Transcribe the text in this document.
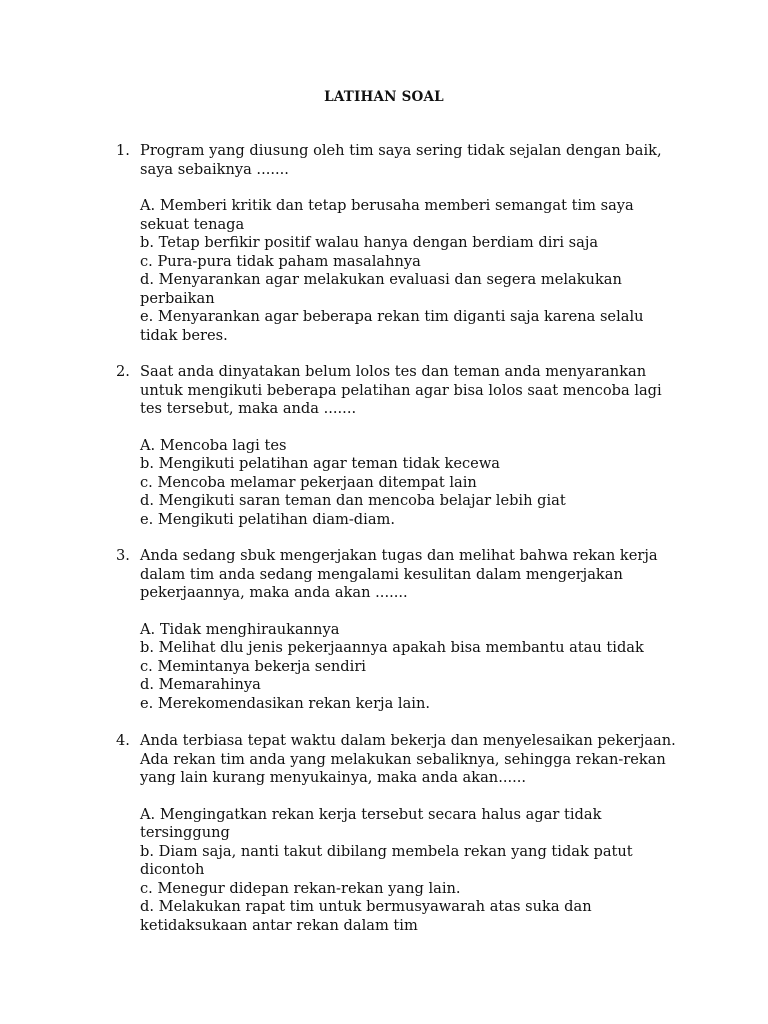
LATIHAN SOAL
1. Program yang diusung oleh tim saya sering tidak sejalan dengan baik, saya sebaiknya .......
A. Memberi kritik dan tetap berusaha memberi semangat tim saya sekuat tenaga
b. Tetap berfikir positif walau hanya dengan berdiam diri saja
c. Pura-pura tidak paham masalahnya
d. Menyarankan agar melakukan evaluasi dan segera melakukan perbaikan
e. Menyarankan agar beberapa rekan tim diganti saja karena selalu tidak beres.
2. Saat anda dinyatakan belum lolos tes dan teman anda menyarankan untuk mengikuti beberapa pelatihan agar bisa lolos saat mencoba lagi tes tersebut, maka anda .......
A. Mencoba lagi tes
b. Mengikuti pelatihan agar teman tidak kecewa
c. Mencoba melamar pekerjaan ditempat lain
d. Mengikuti saran teman dan mencoba belajar lebih giat
e. Mengikuti pelatihan diam-diam.
3. Anda sedang sbuk mengerjakan tugas dan melihat bahwa rekan kerja dalam tim anda sedang mengalami kesulitan dalam mengerjakan pekerjaannya, maka anda akan .......
A. Tidak menghiraukannya
b. Melihat dlu jenis pekerjaannya apakah bisa membantu atau tidak
c. Memintanya bekerja sendiri
d. Memarahinya
e. Merekomendasikan rekan kerja lain.
4. Anda terbiasa tepat waktu dalam bekerja dan menyelesaikan pekerjaan. Ada rekan tim anda yang melakukan sebaliknya, sehingga rekan-rekan yang lain kurang menyukainya, maka anda akan......
A. Mengingatkan rekan kerja tersebut secara halus agar tidak tersinggung
b. Diam saja, nanti takut dibilang membela rekan yang tidak patut dicontoh
c. Menegur didepan rekan-rekan yang lain.
d. Melakukan rapat tim untuk bermusyawarah atas suka dan ketidaksukaan antar rekan dalam tim
